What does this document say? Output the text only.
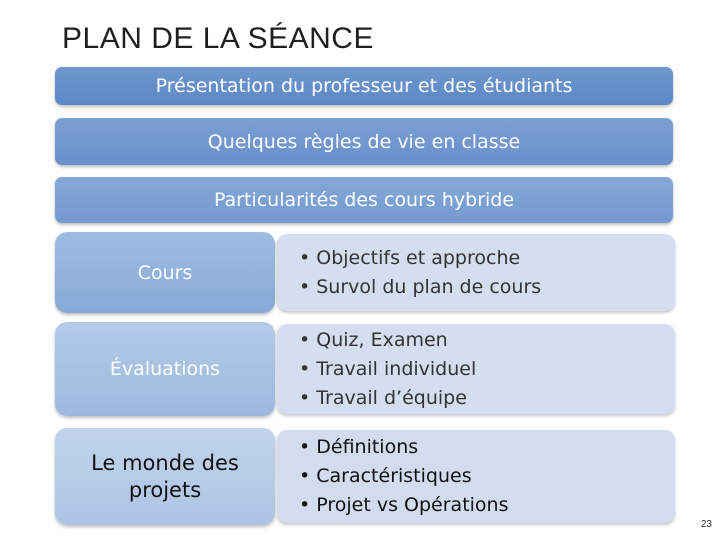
PLAN DE LA SÉANCE
Présentation du professeur et des étudiants
Quelques règles de vie en classe
Particularités des cours hybride
Cours
• Objectifs et approche
• Survol du plan de cours
Évaluations
• Quiz, Examen
• Travail individuel
• Travail d’équipe
Le monde des projets
• Définitions
• Caractéristiques
• Projet vs Opérations
23
